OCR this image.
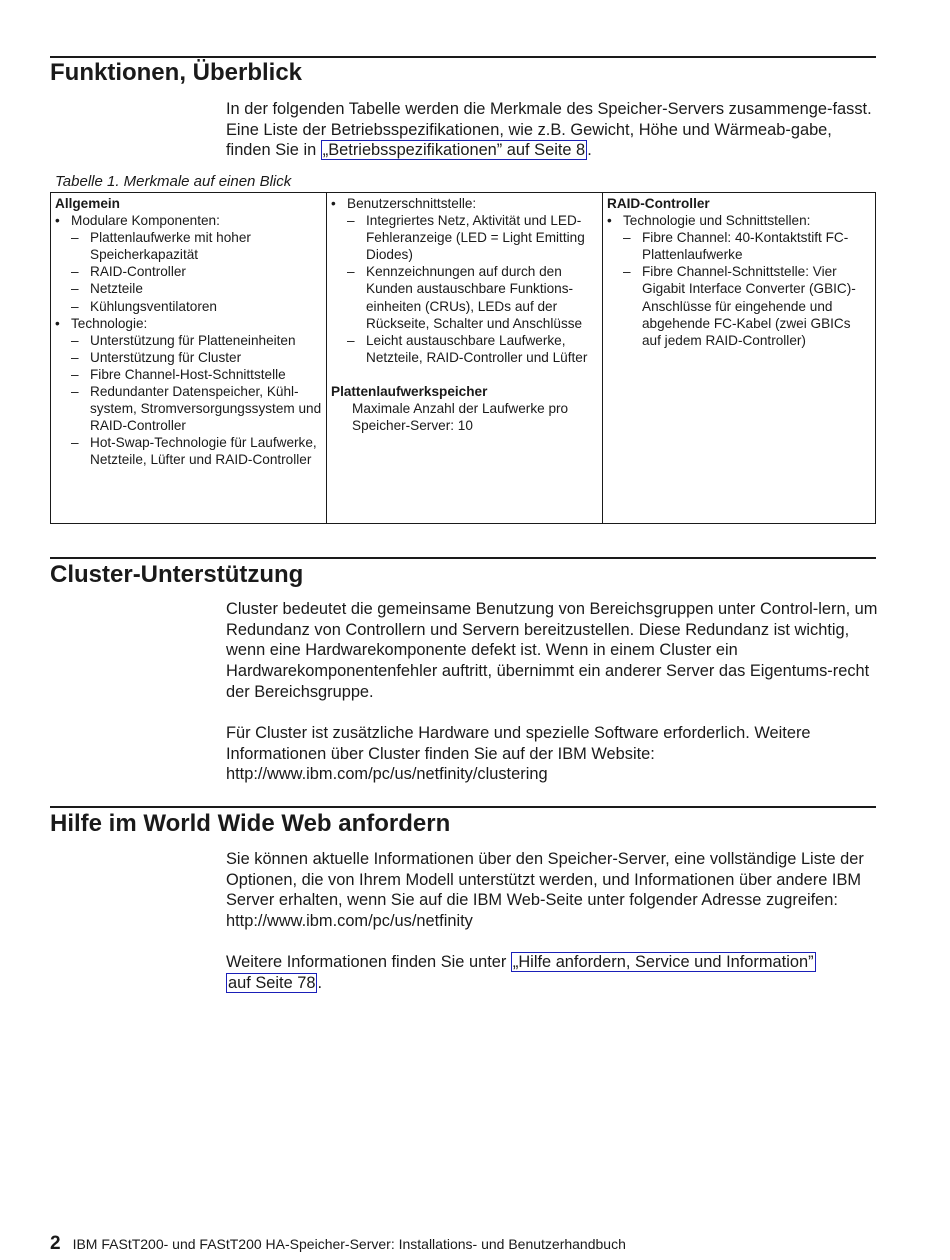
Funktionen, Überblick

In der folgenden Tabelle werden die Merkmale des Speicher-Servers zusammenge-fasst. Eine Liste der Betriebsspezifikationen, wie z.B. Gewicht, Höhe und Wärmeab-gabe, finden Sie in „Betriebsspezifikationen” auf Seite 8 .

Tabelle 1. Merkmale auf einen Blick
Allgemein
• Modulare Komponenten:
– Plattenlaufwerke mit hoher Speicherkapazität
– RAID-Controller
– Netzteile
– Kühlungsventilatoren
• Technologie:
– Unterstützung für Platteneinheiten
– Unterstützung für Cluster
– Fibre Channel-Host-Schnittstelle
– Redundanter Datenspeicher, Kühl-system, Stromversorgungssystem und RAID-Controller
– Hot-Swap-Technologie für Laufwerke, Netzteile, Lüfter und RAID-Controller
• Benutzerschnittstelle:
– Integriertes Netz, Aktivität und LED-Fehleranzeige (LED = Light Emitting Diodes)
– Kennzeichnungen auf durch den Kunden austauschbare Funktions-einheiten (CRUs), LEDs auf der Rückseite, Schalter und Anschlüsse
– Leicht austauschbare Laufwerke, Netzteile, RAID-Controller und Lüfter
Plattenlaufwerkspeicher
Maximale Anzahl der Laufwerke pro Speicher-Server: 10
RAID-Controller
• Technologie und Schnittstellen:
– Fibre Channel: 40-Kontaktstift FC-Plattenlaufwerke
– Fibre Channel-Schnittstelle: Vier Gigabit Interface Converter (GBIC)-Anschlüsse für eingehende und abgehende FC-Kabel (zwei GBICs auf jedem RAID-Controller)
Cluster-Unterstützung

Cluster bedeutet die gemeinsame Benutzung von Bereichsgruppen unter Control-lern, um Redundanz von Controllern und Servern bereitzustellen. Diese Redundanz ist wichtig, wenn eine Hardwarekomponente defekt ist. Wenn in einem Cluster ein Hardwarekomponentenfehler auftritt, übernimmt ein anderer Server das Eigentums-recht der Bereichsgruppe.

Für Cluster ist zusätzliche Hardware und spezielle Software erforderlich. Weitere Informationen über Cluster finden Sie auf der IBM Website: http://www.ibm.com/pc/us/netfinity/clustering

Hilfe im World Wide Web anfordern

Sie können aktuelle Informationen über den Speicher-Server, eine vollständige Liste der Optionen, die von Ihrem Modell unterstützt werden, und Informationen über andere IBM Server erhalten, wenn Sie auf die IBM Web-Seite unter folgender Adresse zugreifen: http://www.ibm.com/pc/us/netfinity

Weitere Informationen finden Sie unter „Hilfe anfordern, Service und Information”
auf Seite 78 .

2 IBM FAStT200- und FAStT200 HA-Speicher-Server: Installations- und Benutzerhandbuch
